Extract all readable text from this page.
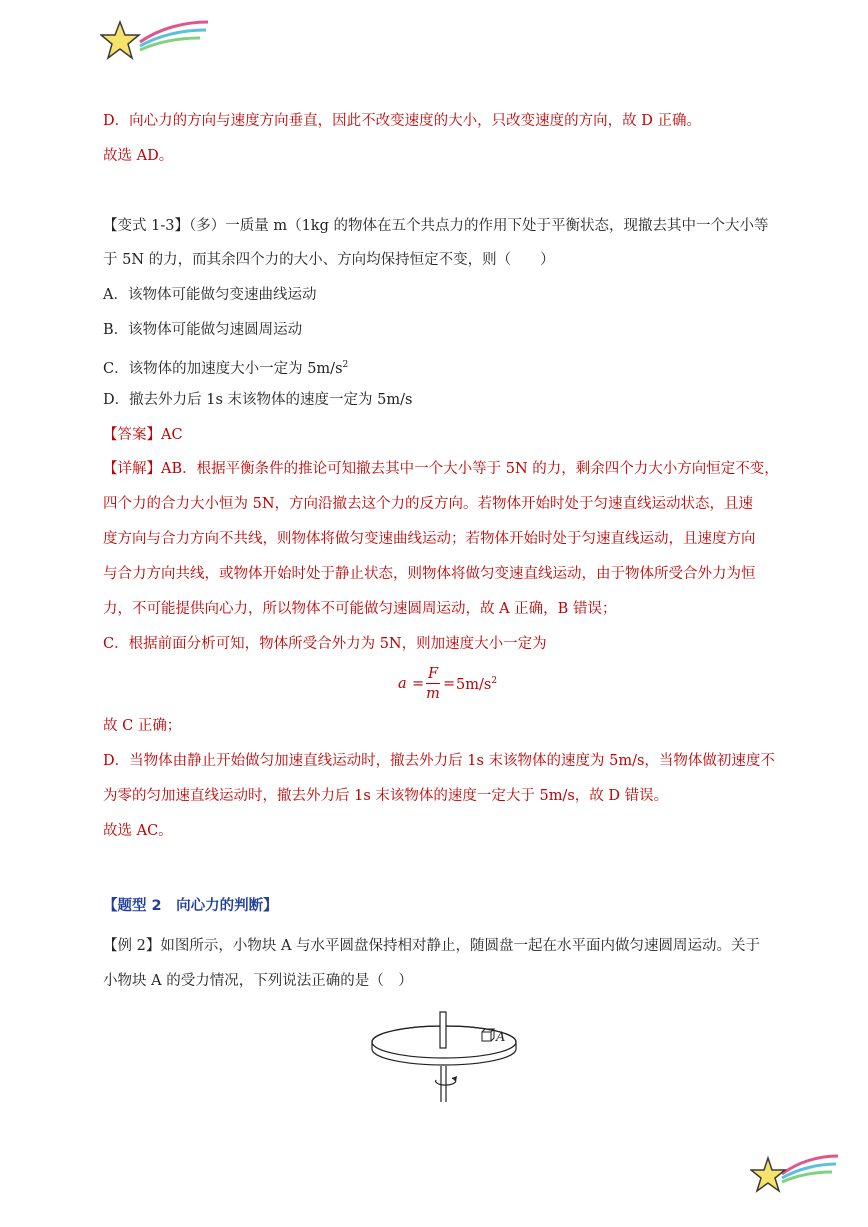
D．向心力的方向与速度方向垂直，因此不改变速度的大小，只改变速度的方向，故 D 正确。
故选 AD。
【变式 1-3】（多）一质量 m（1kg 的物体在五个共点力的作用下处于平衡状态，现撤去其中一个大小等
于 5N 的力，而其余四个力的大小、方向均保持恒定不变，则（　　）
A．该物体可能做匀变速曲线运动
B．该物体可能做匀速圆周运动
C．该物体的加速度大小一定为 $5m/s^2$
D．撤去外力后 1s 末该物体的速度一定为 5m/s
【答案】AC
【详解】AB．根据平衡条件的推论可知撤去其中一个大小等于 5N 的力，剩余四个力大小方向恒定不变，
四个力的合力大小恒为 5N，方向沿撤去这个力的反方向。若物体开始时处于匀速直线运动状态，且速
度方向与合力方向不共线，则物体将做匀变速曲线运动；若物体开始时处于匀速直线运动，且速度方向
与合力方向共线，或物体开始时处于静止状态，则物体将做匀变速直线运动，由于物体所受合外力为恒
力，不可能提供向心力，所以物体不可能做匀速圆周运动，故 A 正确，B 错误；
C．根据前面分析可知，物体所受合外力为 5N，则加速度大小一定为
a =
F
m
= $5m/s^2$
故 C 正确；
D．当物体由静止开始做匀加速直线运动时，撤去外力后 1s 末该物体的速度为 5m/s，当物体做初速度不
为零的匀加速直线运动时，撤去外力后 1s 末该物体的速度一定大于 5m/s，故 D 错误。
故选 AC。
【题型 2　向心力的判断】
【例 2】如图所示，小物块 A 与水平圆盘保持相对静止，随圆盘一起在水平面内做匀速圆周运动。关于
小物块 A 的受力情况，下列说法正确的是（　）
A
